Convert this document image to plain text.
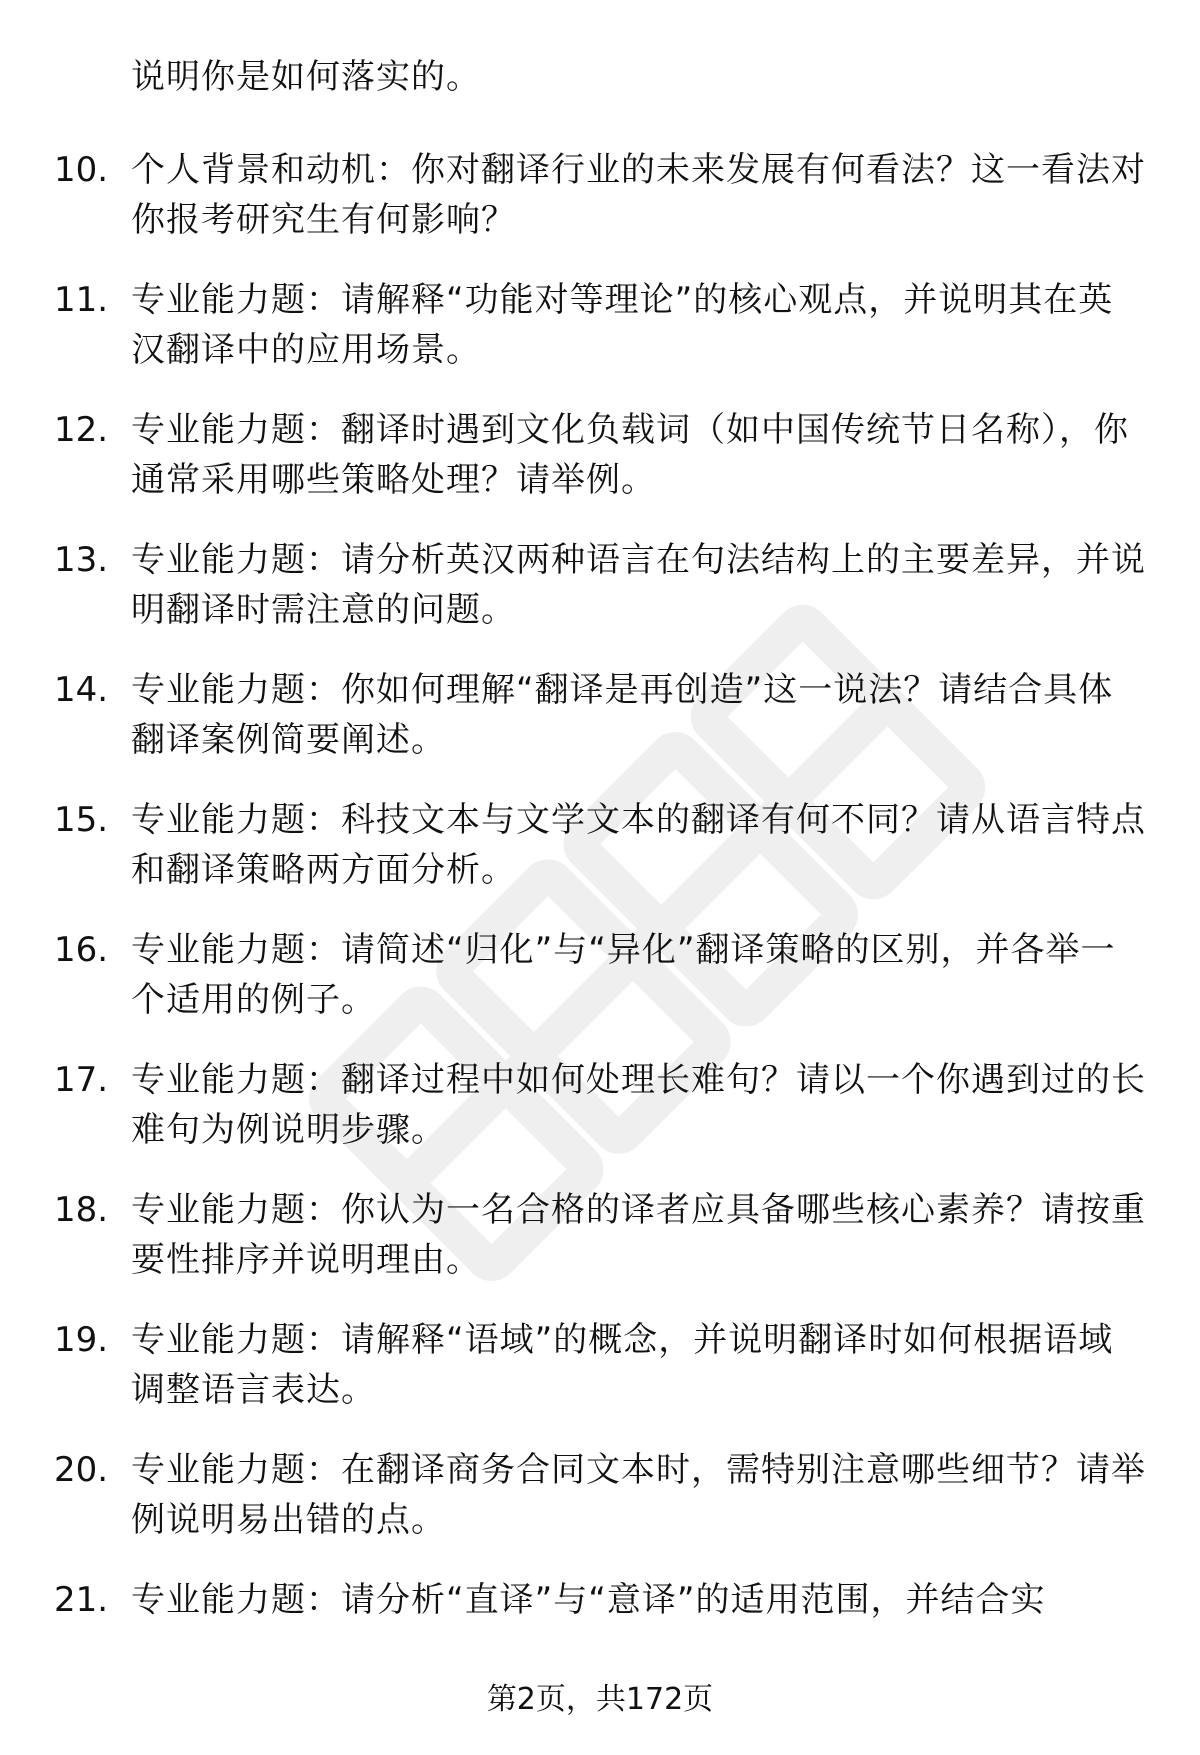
说明你是如何落实的。
10. 个人背景和动机：你对翻译行业的未来发展有何看法？这一看法对你报考研究生有何影响？
11. 专业能力题：请解释“功能对等理论”的核心观点，并说明其在英汉翻译中的应用场景。
12. 专业能力题：翻译时遇到文化负载词（如中国传统节日名称），你通常采用哪些策略处理？请举例。
13. 专业能力题：请分析英汉两种语言在句法结构上的主要差异，并说明翻译时需注意的问题。
14. 专业能力题：你如何理解“翻译是再创造”这一说法？请结合具体翻译案例简要阐述。
15. 专业能力题：科技文本与文学文本的翻译有何不同？请从语言特点和翻译策略两方面分析。
16. 专业能力题：请简述“归化”与“异化”翻译策略的区别，并各举一个适用的例子。
17. 专业能力题：翻译过程中如何处理长难句？请以一个你遇到过的长难句为例说明步骤。
18. 专业能力题：你认为一名合格的译者应具备哪些核心素养？请按重要性排序并说明理由。
19. 专业能力题：请解释“语域”的概念，并说明翻译时如何根据语域调整语言表达。
20. 专业能力题：在翻译商务合同文本时，需特别注意哪些细节？请举例说明易出错的点。
21. 专业能力题：请分析“直译”与“意译”的适用范围，并结合实
第2页，共172页
